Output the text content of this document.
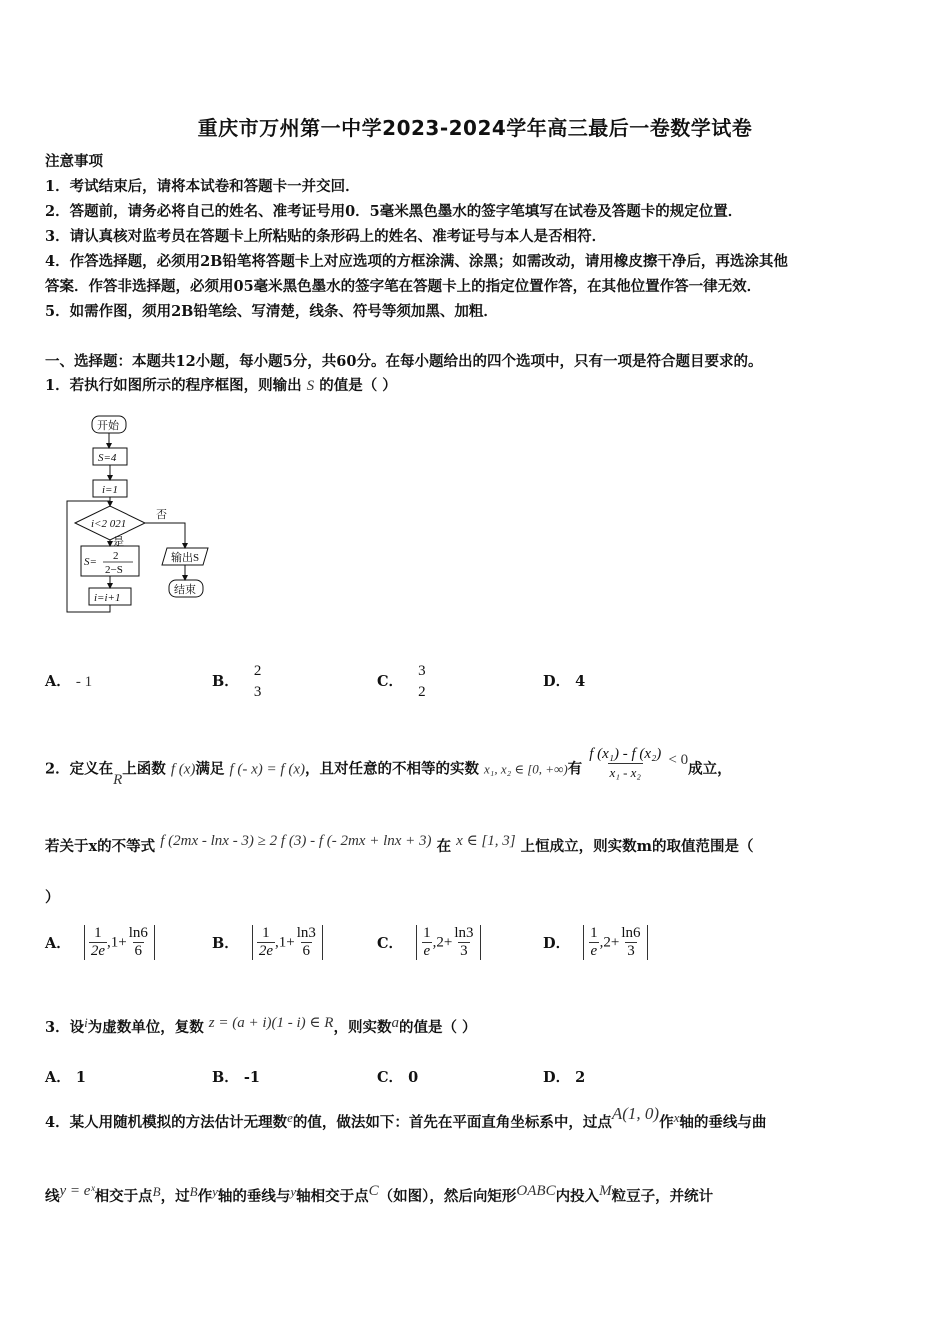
重庆市万州第一中学2023-2024学年高三最后一卷数学试卷
注意事项
1．考试结束后，请将本试卷和答题卡一并交回．
2．答题前，请务必将自己的姓名、准考证号用0．5毫米黑色墨水的签字笔填写在试卷及答题卡的规定位置．
3．请认真核对监考员在答题卡上所粘贴的条形码上的姓名、准考证号与本人是否相符．
4．作答选择题，必须用2B铅笔将答题卡上对应选项的方框涂满、涂黑；如需改动，请用橡皮擦干净后，再选涂其他
答案．作答非选择题，必须用05毫米黑色墨水的签字笔在答题卡上的指定位置作答，在其他位置作答一律无效．
5．如需作图，须用2B铅笔绘、写清楚，线条、符号等须加黑、加粗．
一、选择题：本题共12小题，每小题5分，共60分。在每小题给出的四个选项中，只有一项是符合题目要求的。
1．若执行如图所示的程序框图，则输出 S 的值是（ ）
开始
S=4
i=1
i<2 021
否
是
S= 2
2−S
i=i+1
输出S
结束
A． - 1	B．
2
3
C．
3
2
D． 4
2．定义在R上函数 f (x)满足 f (- x) = f (x)，且对任意的不相等的实数 x₁, x₂ ∈ [0, +∞)有 $\frac{\text{f (x₁) - f (x₂)}}{\text{x₁ - x₂}} < 0$成立，
若关于x的不等式 f (2mx - lnx - 3) ≥ 2 f (3) - f (- 2mx + lnx + 3) 在 x ∈ [1, 3] 上恒成立，则实数m的取值范围是（
）
A． $\frac{1}{2e} ,1+ \frac{\ln 6}{6}$	B． $\frac{1}{2e} ,1+ \frac{\ln 3}{6}$	C． $\frac{1}{e} ,2+ \frac{\ln 3}{3}$	D． $\frac{1}{e} ,2+ \frac{\ln 6}{3}$
3．设i为虚数单位，复数 z = (a + i)(1 - i) ∈ R，则实数a的值是（ ）
A． 1	B． -1	C． 0	D． 2
4．某人用随机模拟的方法估计无理数e的值，做法如下：首先在平面直角坐标系中，过点A(1, 0)作x轴的垂线与曲
线y = eˣ相交于点B，过B作y轴的垂线与y轴相交于点C（如图），然后向矩形OABC内投入M粒豆子，并统计
